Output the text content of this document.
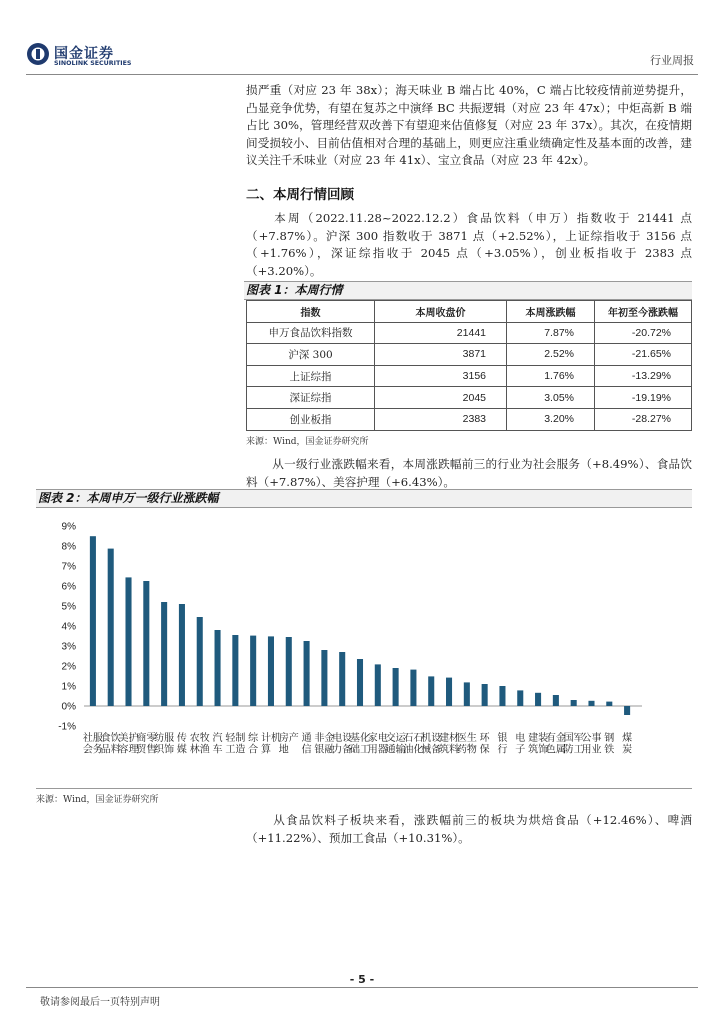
国金证券
SINOLINK SECURITIES	行业周报
损严重（对应 23 年 38x）；海天味业 B 端占比 40%，C 端占比较疫情前逆势提升，凸显竞争优势，有望在复苏之中演绎 BC 共振逻辑（对应 23 年 47x）；中炬高新 B 端占比 30%，管理经营双改善下有望迎来估值修复（对应 23 年 37x）。其次，在疫情期间受损较小、目前估值相对合理的基础上，则更应注重业绩确定性及基本面的改善，建议关注千禾味业（对应 23 年 41x）、宝立食品（对应 23 年 42x）。
二、本周行情回顾
本周（2022.11.28~2022.12.2）食品饮料（申万）指数收于 21441 点（+7.87%）。沪深 300 指数收于 3871 点（+2.52%），上证综指收于 3156 点（+1.76%），深证综指收于 2045 点（+3.05%），创业板指收于 2383 点（+3.20%）。
图表 1：本周行情
指数	本周收盘价	本周涨跌幅	年初至今涨跌幅
申万食品饮料指数	21441	7.87%	-20.72%
沪深 300	3871	2.52%	-21.65%
上证综指	3156	1.76%	-13.29%
深证综指	2045	3.05%	-19.19%
创业板指	2383	3.20%	-28.27%
来源：Wind，国金证券研究所
从一级行业涨跌幅来看，本周涨跌幅前三的行业为社会服务（+8.49%）、食品饮料（+7.87%）、美容护理（+6.43%）。
图表 2：本周申万一级行业涨跌幅
9%
8%
7%
6%
5%
4%
3%
2%
1%
0%
-1%
社
会
服
务
食
品
饮
料
美
容
护
理
商
贸
零
售
纺
织
服
饰
传
媒
农
林
牧
渔
汽
车
轻
工
制
造
综
合
计
算
机
房
地
产 通
信
非
银
金
融
电
力
设
备
基
础
化
工
家
用
电
器
交
通
运
输
石
油
石
化
机
械
设
备
建
筑
材
料
医
药
生
物
环
保
银
行
电
子
建
筑
装
饰
有
色
金
属
国
防
军
工
公
用
事
业
钢
铁
煤
炭
来源：Wind，国金证券研究所
从食品饮料子板块来看，涨跌幅前三的板块为烘焙食品（+12.46%）、啤酒（+11.22%）、预加工食品（+10.31%）。
- 5 -
敬请参阅最后一页特别声明
